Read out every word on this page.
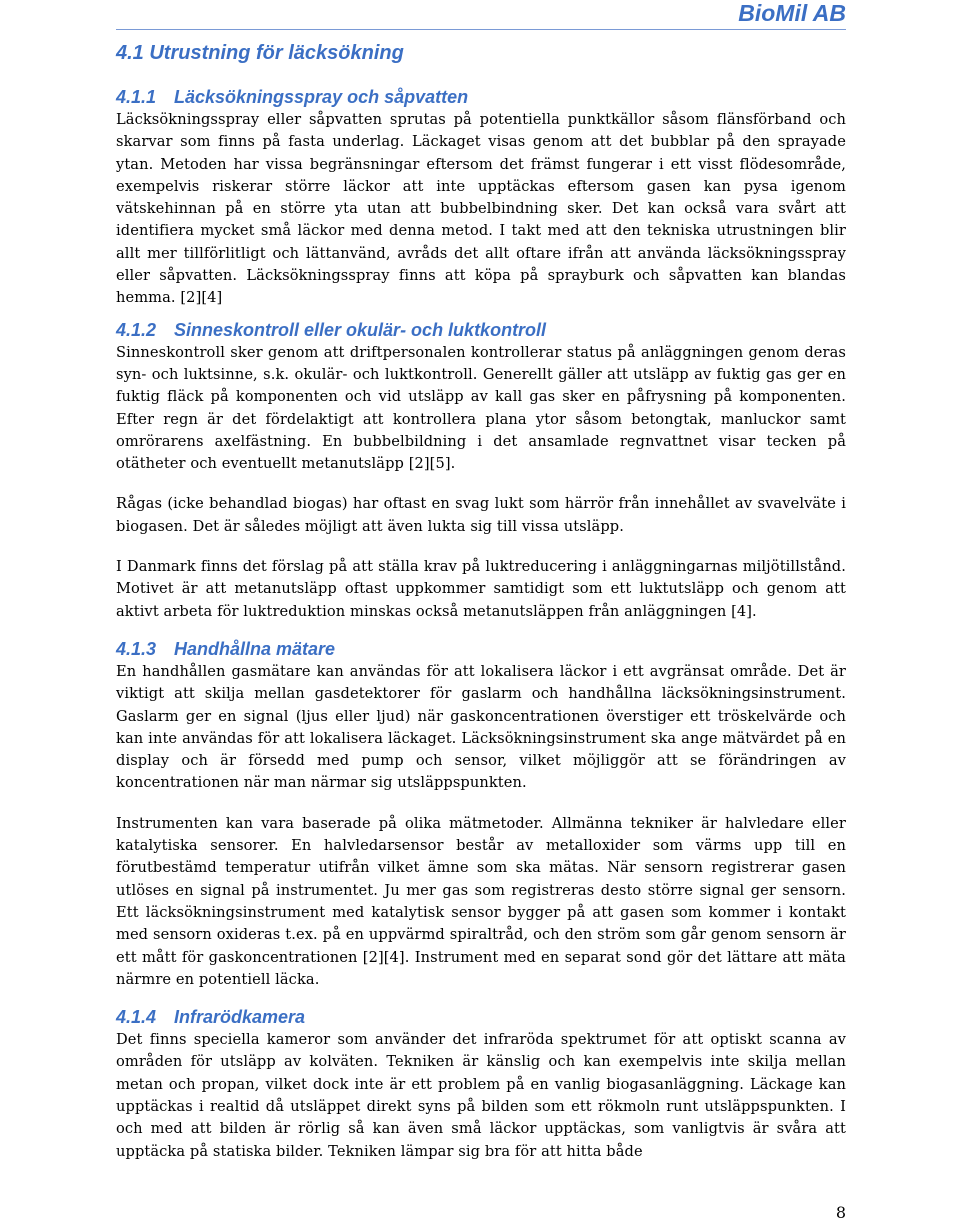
BioMil AB
4.1 Utrustning för läcksökning
4.1.1 Läcksökningsspray och såpvatten

Läcksökningsspray eller såpvatten sprutas på potentiella punktkällor såsom flänsförband och skarvar som finns på fasta underlag. Läckaget visas genom att det bubblar på den sprayade ytan. Metoden har vissa begränsningar eftersom det främst fungerar i ett visst flödesområde, exempelvis riskerar större läckor att inte upptäckas eftersom gasen kan pysa igenom vätskehinnan på en större yta utan att bubbelbindning sker. Det kan också vara svårt att identifiera mycket små läckor med denna metod. I takt med att den tekniska utrustningen blir allt mer tillförlitligt och lättanvänd, avråds det allt oftare ifrån att använda läcksökningsspray eller såpvatten. Läcksökningsspray finns att köpa på sprayburk och såpvatten kan blandas hemma. [2][4]

4.1.2 Sinneskontroll eller okulär- och luktkontroll

Sinneskontroll sker genom att driftpersonalen kontrollerar status på anläggningen genom deras syn- och luktsinne, s.k. okulär- och luktkontroll. Generellt gäller att utsläpp av fuktig gas ger en fuktig fläck på komponenten och vid utsläpp av kall gas sker en påfrysning på komponenten. Efter regn är det fördelaktigt att kontrollera plana ytor såsom betongtak, manluckor samt omrörarens axelfästning. En bubbelbildning i det ansamlade regnvattnet visar tecken på otätheter och eventuellt metanutsläpp [2][5].

Rågas (icke behandlad biogas) har oftast en svag lukt som härrör från innehållet av svavelväte i biogasen. Det är således möjligt att även lukta sig till vissa utsläpp.

I Danmark finns det förslag på att ställa krav på luktreducering i anläggningarnas miljötillstånd. Motivet är att metanutsläpp oftast uppkommer samtidigt som ett luktutsläpp och genom att aktivt arbeta för luktreduktion minskas också metanutsläppen från anläggningen [4].

4.1.3 Handhållna mätare

En handhållen gasmätare kan användas för att lokalisera läckor i ett avgränsat område. Det är viktigt att skilja mellan gasdetektorer för gaslarm och handhållna läcksökningsinstrument. Gaslarm ger en signal (ljus eller ljud) när gaskoncentrationen överstiger ett tröskelvärde och kan inte användas för att lokalisera läckaget. Läcksökningsinstrument ska ange mätvärdet på en display och är försedd med pump och sensor, vilket möjliggör att se förändringen av koncentrationen när man närmar sig utsläppspunkten.

Instrumenten kan vara baserade på olika mätmetoder. Allmänna tekniker är halvledare eller katalytiska sensorer. En halvledarsensor består av metalloxider som värms upp till en förutbestämd temperatur utifrån vilket ämne som ska mätas. När sensorn registrerar gasen utlöses en signal på instrumentet. Ju mer gas som registreras desto större signal ger sensorn. Ett läcksökningsinstrument med katalytisk sensor bygger på att gasen som kommer i kontakt med sensorn oxideras t.ex. på en uppvärmd spiraltråd, och den ström som går genom sensorn är ett mått för gaskoncentrationen [2][4]. Instrument med en separat sond gör det lättare att mäta närmre en potentiell läcka.

4.1.4 Infrarödkamera

Det finns speciella kameror som använder det infraröda spektrumet för att optiskt scanna av områden för utsläpp av kolväten. Tekniken är känslig och kan exempelvis inte skilja mellan metan och propan, vilket dock inte är ett problem på en vanlig biogasanläggning. Läckage kan upptäckas i realtid då utsläppet direkt syns på bilden som ett rökmoln runt utsläppspunkten. I och med att bilden är rörlig så kan även små läckor upptäckas, som vanligtvis är svåra att upptäcka på statiska bilder. Tekniken lämpar sig bra för att hitta både

8
